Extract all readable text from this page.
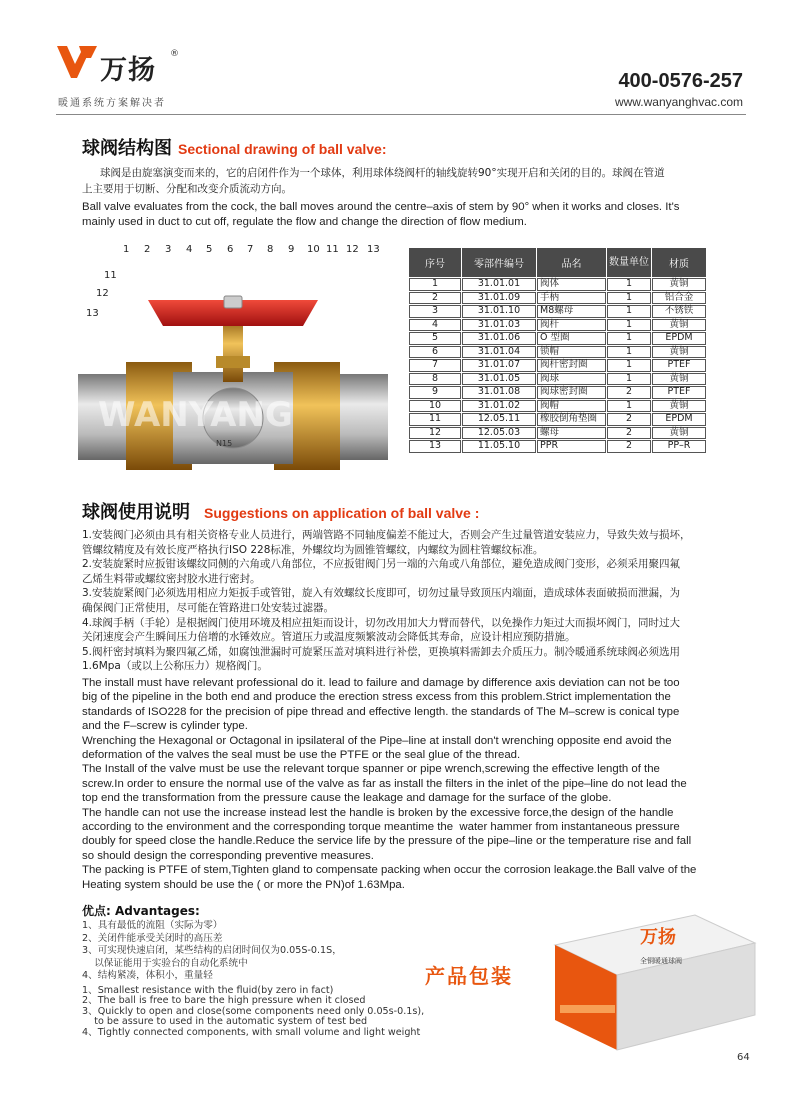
万扬
®
暖通系统方案解决者
400-0576-257
www.wanyanghvac.com
球阀结构图 Sectional drawing of ball valve:
球阀是由旋塞演变而来的，它的启闭件作为一个球体，利用球体绕阀杆的轴线旋转90°实现开启和关闭的目的。球阀在管道
上主要用于切断、分配和改变介质流动方向。
Ball valve evaluates from the cock, the ball moves around the centre–axis of stem by 90° when it works and closes. It's
mainly used in duct to cut off, regulate the flow and change the direction of flow medium.
WANYANG
N15
1 2 3 4 5 6 7 8 9 10 11 12 13
11
12
13
序号	零部件编号	品名	数量单位	材质
1	31.01.01	阀体	1	黄铜
2	31.01.09	手柄	1	铝合金
3	31.01.10	M8螺母	1	不锈铁
4	31.01.03	阀杆	1	黄铜
5	31.01.06	O 型圈	1	EPDM
6	31.01.04	锁帽	1	黄铜
7	31.01.07	阀杆密封圈	1	PTEF
8	31.01.05	阀球	1	黄铜
9	31.01.08	阀球密封圈	2	PTEF
10	31.01.02	阀帽	1	黄铜
11	12.05.11	橡胶倒角垫圈	2	EPDM
12	12.05.03	螺母	2	黄铜
13	11.05.10	PPR	2	PP–R
球阀使用说明 Suggestions on application of ball valve :
1.安装阀门必须由具有相关资格专业人员进行，两端管路不同轴度偏差不能过大，否则会产生过量管道安装应力，导致失效与损坏，
管螺纹精度及有效长度严格执行ISO 228标准，外螺纹均为圆锥管螺纹，内螺纹为圆柱管螺纹标准。
2.安装旋紧时应扳钳该螺纹同侧的六角或八角部位，不应扳钳阀门另一端的六角或八角部位，避免造成阀门变形，必须采用聚四氟
乙烯生料带或螺纹密封胶水进行密封。
3.安装旋紧阀门必须选用相应力矩扳手或管钳，旋入有效螺纹长度即可，切勿过量导致顶压内端面，造成球体表面破损而泄漏，为
确保阀门正常使用，尽可能在管路进口处安装过滤器。
4.球阀手柄（手轮）是根据阀门使用环境及相应扭矩而设计，切勿改用加大力臂而替代，以免操作力矩过大而损坏阀门，同时过大
关闭速度会产生瞬间压力倍增的水锤效应。管道压力或温度频繁波动会降低其寿命，应设计相应预防措施。
5.阀杆密封填料为聚四氟乙烯，如腐蚀泄漏时可旋紧压盖对填料进行补偿，更换填料需卸去介质压力。制冷暖通系统球阀必须选用
1.6Mpa（或以上公称压力）规格阀门。
The install must have relevant professional do it. lead to failure and damage by difference axis deviation can not be too
big of the pipeline in the both end and produce the erection stress excess from this problem.Strict implementation the
standards of ISO228 for the precision of pipe thread and effective length. the standards of The M–screw is conical type
and the F–screw is cylinder type.
Wrenching the Hexagonal or Octagonal in ipsilateral of the Pipe–line at install don't wrenching opposite end avoid the
deformation of the valves the seal must be use the PTFE or the seal glue of the thread.
The Install of the valve must be use the relevant torque spanner or pipe wrench,screwing the effective length of the
screw.In order to ensure the normal use of the valve as far as install the filters in the inlet of the pipe–line do not lead the
top end the transformation from the pressure cause the leakage and damage for the surface of the globe.
The handle can not use the increase instead lest the handle is broken by the excessive force,the design of the handle
according to the environment and the corresponding torque meantime the  water hammer from instantaneous pressure
doubly for speed close the handle.Reduce the service life by the pressure of the pipe–line or the temperature rise and fall
so should design the corresponding preventive measures.
The packing is PTFE of stem,Tighten gland to compensate packing when occur the corrosion leakage.the Ball valve of the
Heating system should be use the ( or more the PN)of 1.63Mpa.
优点: Advantages:
1、具有最低的流阻（实际为零）
2、关闭件能承受关闭时的高压差
3、可实现快速启闭，某些结构的启闭时间仅为0.05S-0.1S，
以保证能用于实验台的自动化系统中
4、结构紧凑，体积小，重量轻
1、Smallest resistance with the fluid(by zero in fact)
2、The ball is free to bare the high pressure when it closed
3、Quickly to open and close(some components need only 0.05s-0.1s),
to be assure to used in the automatic system of test bed
4、Tightly connected components, with small volume and light weight
产品包装
万扬
全铜暖通球阀
64
